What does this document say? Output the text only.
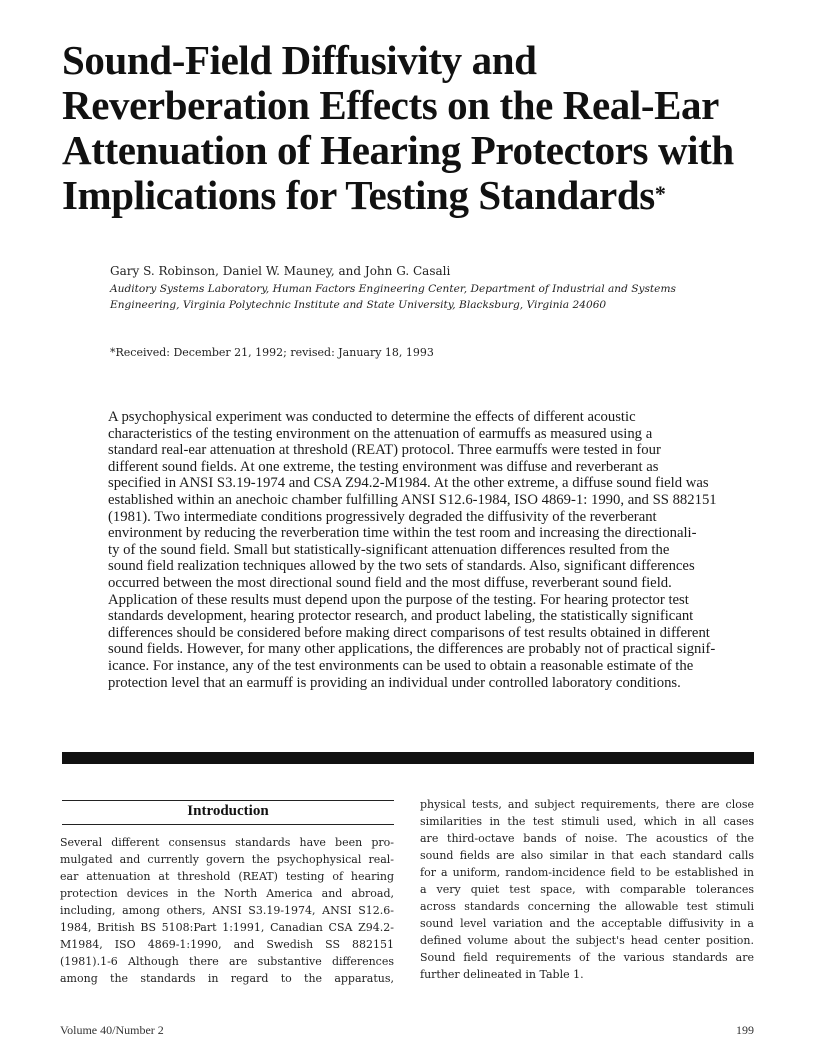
Sound-Field Diffusivity and
Reverberation Effects on the Real-Ear
Attenuation of Hearing Protectors with
Implications for Testing Standards*
Gary S. Robinson, Daniel W. Mauney, and John G. Casali
Auditory Systems Laboratory, Human Factors Engineering Center, Department of Industrial and Systems
Engineering, Virginia Polytechnic Institute and State University, Blacksburg, Virginia 24060
*Received: December 21, 1992; revised: January 18, 1993
A psychophysical experiment was conducted to determine the effects of different acoustic
characteristics of the testing environment on the attenuation of earmuffs as measured using a
standard real-ear attenuation at threshold (REAT) protocol. Three earmuffs were tested in four
different sound fields. At one extreme, the testing environment was diffuse and reverberant as
specified in ANSI S3.19-1974 and CSA Z94.2-M1984. At the other extreme, a diffuse sound field was
established within an anechoic chamber fulfilling ANSI S12.6-1984, ISO 4869-1: 1990, and SS 882151
(1981). Two intermediate conditions progressively degraded the diffusivity of the reverberant
environment by reducing the reverberation time within the test room and increasing the directionali-
ty of the sound field. Small but statistically-significant attenuation differences resulted from the
sound field realization techniques allowed by the two sets of standards. Also, significant differences
occurred between the most directional sound field and the most diffuse, reverberant sound field.
Application of these results must depend upon the purpose of the testing. For hearing protector test
standards development, hearing protector research, and product labeling, the statistically significant
differences should be considered before making direct comparisons of test results obtained in different
sound fields. However, for many other applications, the differences are probably not of practical signif-
icance. For instance, any of the test environments can be used to obtain a reasonable estimate of the
protection level that an earmuff is providing an individual under controlled laboratory conditions.
Introduction
Several different consensus standards have been pro-
mulgated and currently govern the psychophysical real-
ear attenuation at threshold (REAT) testing of hearing
protection devices in the North America and abroad,
including, among others, ANSI S3.19-1974, ANSI S12.6-
1984, British BS 5108:Part 1:1991, Canadian CSA Z94.2-
M1984, ISO 4869-1:1990, and Swedish SS 882151
(1981).1-6 Although there are substantive differences
among the standards in regard to the apparatus,
physical tests, and subject requirements, there are close
similarities in the test stimuli used, which in all cases
are third-octave bands of noise. The acoustics of the
sound fields are also similar in that each standard calls
for a uniform, random-incidence field to be established in
a very quiet test space, with comparable tolerances
across standards concerning the allowable test stimuli
sound level variation and the acceptable diffusivity in a
defined volume about the subject's head center position.
Sound field requirements of the various standards are
further delineated in Table 1.
Volume 40/Number 2	199
